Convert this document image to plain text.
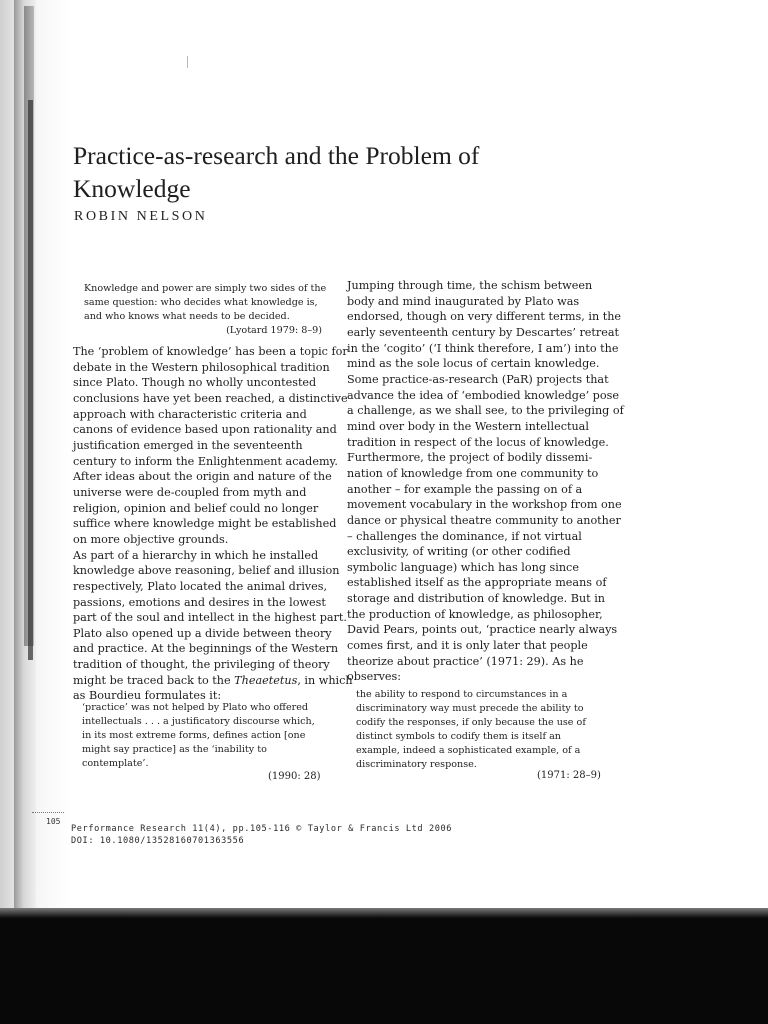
Practice-as-research and the Problem of
Knowledge
ROBIN NELSON
Knowledge and power are simply two sides of the
same question: who decides what knowledge is,
and who knows what needs to be decided.
(Lyotard 1979: 8–9)
The ‘problem of knowledge’ has been a topic for
debate in the Western philosophical tradition
since Plato. Though no wholly uncontested
conclusions have yet been reached, a distinctive
approach with characteristic criteria and
canons of evidence based upon rationality and
justification emerged in the seventeenth
century to inform the Enlightenment academy.
After ideas about the origin and nature of the
universe were de-coupled from myth and
religion, opinion and belief could no longer
suffice where knowledge might be established
on more objective grounds.
As part of a hierarchy in which he installed
knowledge above reasoning, belief and illusion
respectively, Plato located the animal drives,
passions, emotions and desires in the lowest
part of the soul and intellect in the highest part.
Plato also opened up a divide between theory
and practice. At the beginnings of the Western
tradition of thought, the privileging of theory
might be traced back to the Theaetetus, in which
as Bourdieu formulates it:
‘practice’ was not helped by Plato who offered
intellectuals . . . a justificatory discourse which,
in its most extreme forms, defines action [one
might say practice] as the ‘inability to
contemplate’.
(1990: 28)
Jumping through time, the schism between
body and mind inaugurated by Plato was
endorsed, though on very different terms, in the
early seventeenth century by Descartes’ retreat
in the ‘cogito’ (‘I think therefore, I am’) into the
mind as the sole locus of certain knowledge.
Some practice-as-research (PaR) projects that
advance the idea of ‘embodied knowledge’ pose
a challenge, as we shall see, to the privileging of
mind over body in the Western intellectual
tradition in respect of the locus of knowledge.
Furthermore, the project of bodily dissemi-
nation of knowledge from one community to
another – for example the passing on of a
movement vocabulary in the workshop from one
dance or physical theatre community to another
– challenges the dominance, if not virtual
exclusivity, of writing (or other codified
symbolic language) which has long since
established itself as the appropriate means of
storage and distribution of knowledge. But in
the production of knowledge, as philosopher,
David Pears, points out, ‘practice nearly always
comes first, and it is only later that people
theorize about practice’ (1971: 29). As he
observes:
the ability to respond to circumstances in a
discriminatory way must precede the ability to
codify the responses, if only because the use of
distinct symbols to codify them is itself an
example, indeed a sophisticated example, of a
discriminatory response.
(1971: 28–9)
105
Performance Research 11(4), pp.105-116 © Taylor & Francis Ltd 2006
DOI: 10.1080/13528160701363556
